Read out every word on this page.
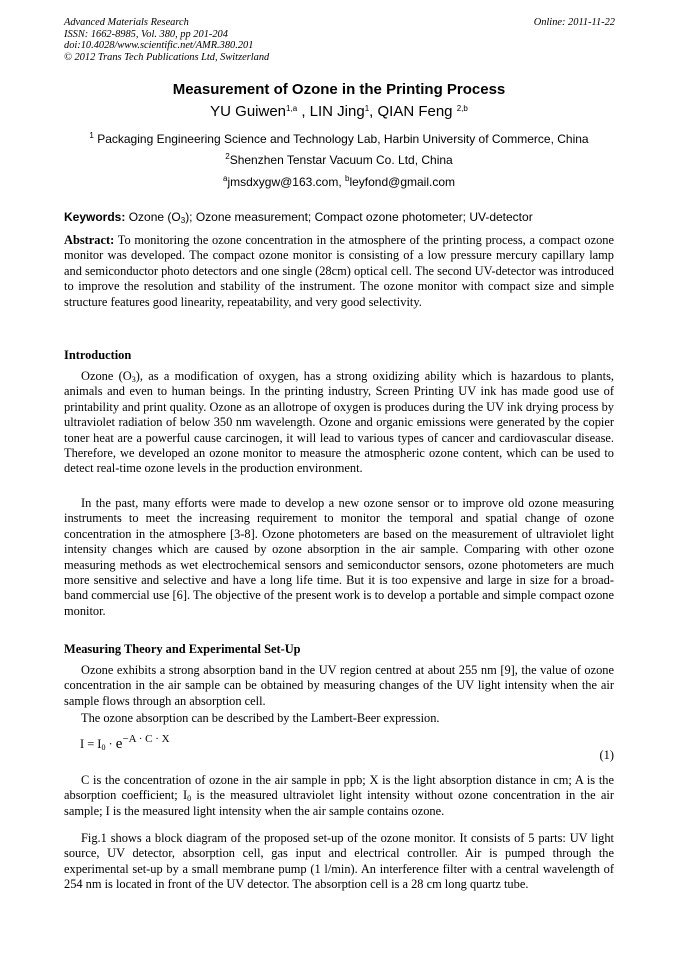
Advanced Materials Research
ISSN: 1662-8985, Vol. 380, pp 201-204
doi:10.4028/www.scientific.net/AMR.380.201
© 2012 Trans Tech Publications Ltd, Switzerland
Online: 2011-11-22
Measurement of Ozone in the Printing Process
YU Guiwen$^{1,a}$ , LIN Jing$^1$, QIAN Feng $^{2,b}$
$^1$ Packaging Engineering Science and Technology Lab, Harbin University of Commerce, China
$^2$Shenzhen Tenstar Vacuum Co. Ltd, China
$^a$jmsdxygw@163.com, $^b$leyfond@gmail.com
Keywords: Ozone $(O_3)$; Ozone measurement; Compact ozone photometer; UV-detector
Abstract: To monitoring the ozone concentration in the atmosphere of the printing process, a compact ozone monitor was developed. The compact ozone monitor is consisting of a low pressure mercury capillary lamp and semiconductor photo detectors and one single (28cm) optical cell. The second UV-detector was introduced to improve the resolution and stability of the instrument. The ozone monitor with compact size and simple structure features good linearity, repeatability, and very good selectivity.
Introduction
Ozone $(O_3)$, as a modification of oxygen, has a strong oxidizing ability which is hazardous to plants, animals and even to human beings. In the printing industry, Screen Printing UV ink has made good use of printability and print quality. Ozone as an allotrope of oxygen is produces during the UV ink drying process by ultraviolet radiation of below 350 nm wavelength. Ozone and organic emissions were generated by the copier toner heat are a powerful cause carcinogen, it will lead to various types of cancer and cardiovascular disease. Therefore, we developed an ozone monitor to measure the atmospheric ozone content, which can be used to detect real-time ozone levels in the production environment.
In the past, many efforts were made to develop a new ozone sensor or to improve old ozone measuring instruments to meet the increasing requirement to monitor the temporal and spatial change of ozone concentration in the atmosphere [3-8]. Ozone photometers are based on the measurement of ultraviolet light intensity changes which are caused by ozone absorption in the air sample. Comparing with other ozone measuring methods as wet electrochemical sensors and semiconductor sensors, ozone photometers are much more sensitive and selective and have a long life time. But it is too expensive and large in size for a broad-band commercial use [6]. The objective of the present work is to develop a portable and simple compact ozone monitor.
Measuring Theory and Experimental Set-Up
Ozone exhibits a strong absorption band in the UV region centred at about 255 nm [9], the value of ozone concentration in the air sample can be obtained by measuring changes of the UV light intensity when the air sample flows through an absorption cell.
The ozone absorption can be described by the Lambert-Beer expression.
$I = I_0 \cdot e-A \cdot C \cdot X$
(1)
C is the concentration of ozone in the air sample in ppb; X is the light absorption distance in cm; A is the absorption coefficient; $I_0$ is the measured ultraviolet light intensity without ozone concentration in the air sample; I is the measured light intensity when the air sample contains ozone.
Fig.1 shows a block diagram of the proposed set-up of the ozone monitor. It consists of 5 parts: UV light source, UV detector, absorption cell, gas input and electrical controller. Air is pumped through the experimental set-up by a small membrane pump (1 l/min). An interference filter with a central wavelength of 254 nm is located in front of the UV detector. The absorption cell is a 28 cm long quartz tube.
